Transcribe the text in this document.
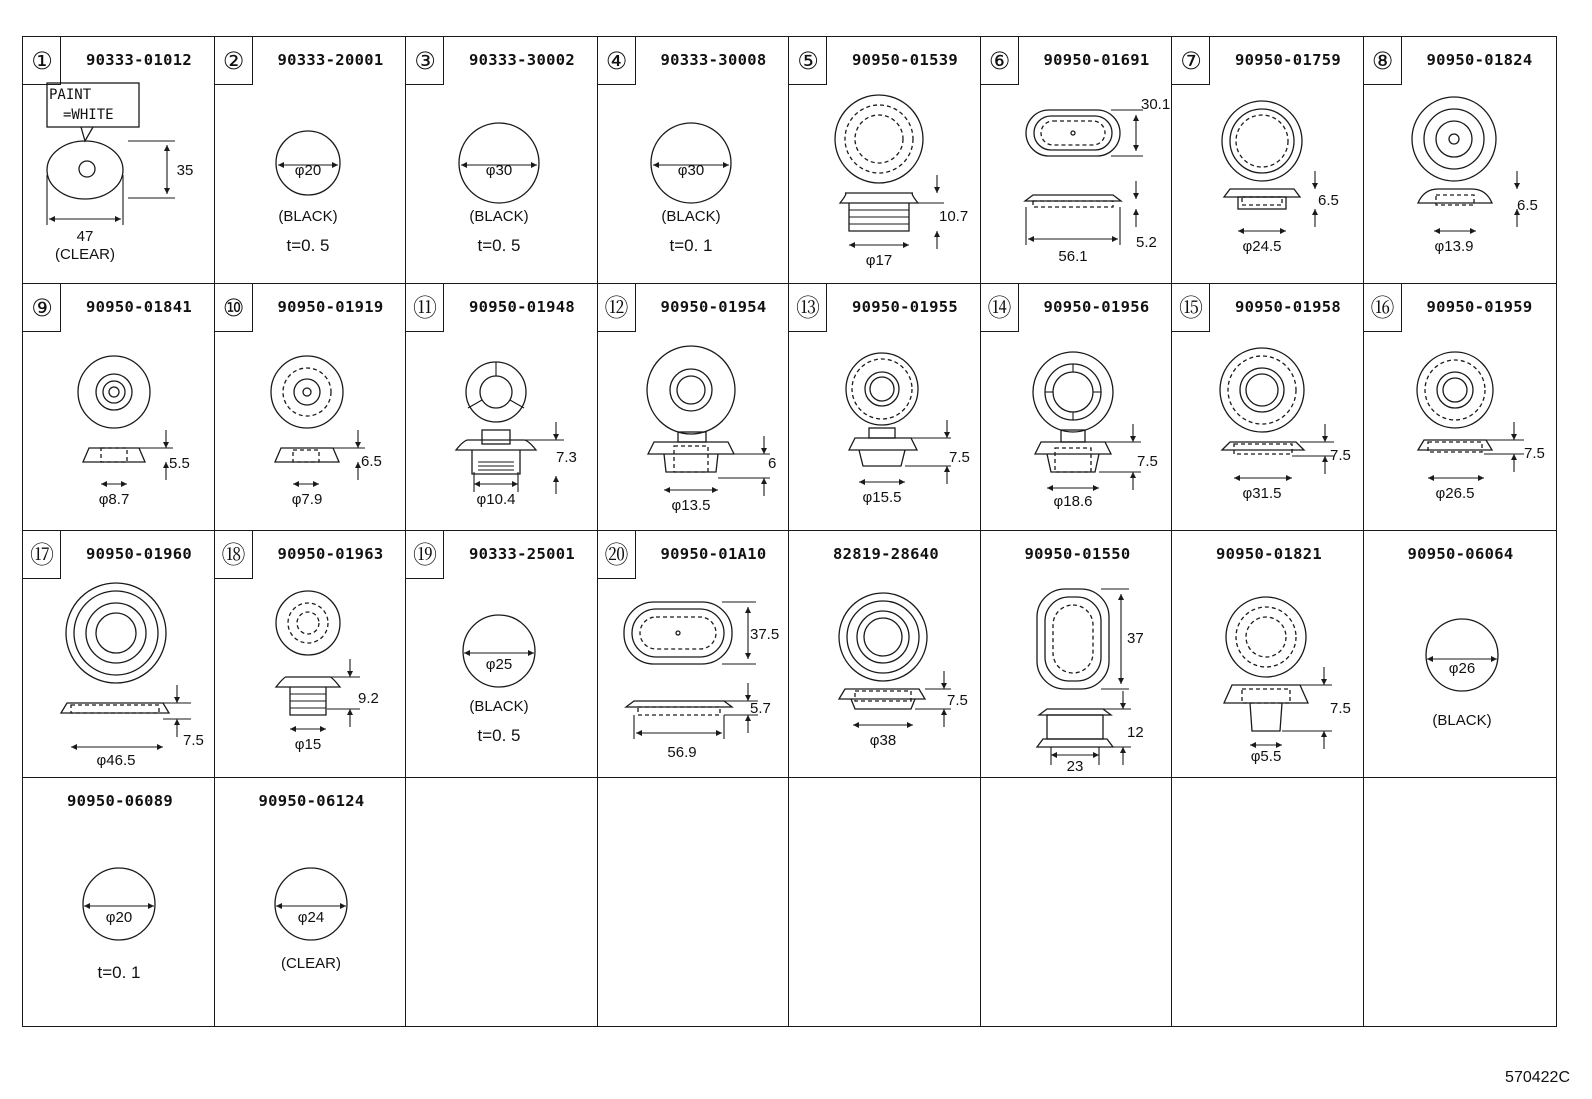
①	90333-01012
PAINT
=WHITE
35
47
(CLEAR)
②	90333-20001
φ20
(BLACK)
t=0. 5
③	90333-30002
φ30
(BLACK)
t=0. 5
④	90333-30008
φ30
(BLACK)
t=0. 1
⑤	90950-01539
10.7
φ17
⑥	90950-01691
30.1
56.1
5.2
⑦	90950-01759
6.5
φ24.5
⑧	90950-01824
6.5
φ13.9
⑨	90950-01841
5.5
φ8.7
⑩	90950-01919
6.5
φ7.9
⑪	90950-01948
7.3
φ10.4
⑫	90950-01954
6
φ13.5
⑬	90950-01955
7.5
φ15.5
⑭	90950-01956
7.5
φ18.6
⑮	90950-01958
7.5
φ31.5
⑯	90950-01959
7.5
φ26.5
⑰	90950-01960
7.5
φ46.5
⑱	90950-01963
9.2
φ15
⑲	90333-25001
φ25
(BLACK)
t=0. 5
⑳	90950-01A10
37.5
5.7
56.9
82819-28640
7.5
φ38
90950-01550
37
12
23
90950-01821
7.5
φ5.5
90950-06064
φ26
(BLACK)
90950-06089
φ20
t=0. 1
90950-06124
φ24
(CLEAR)
570422C
